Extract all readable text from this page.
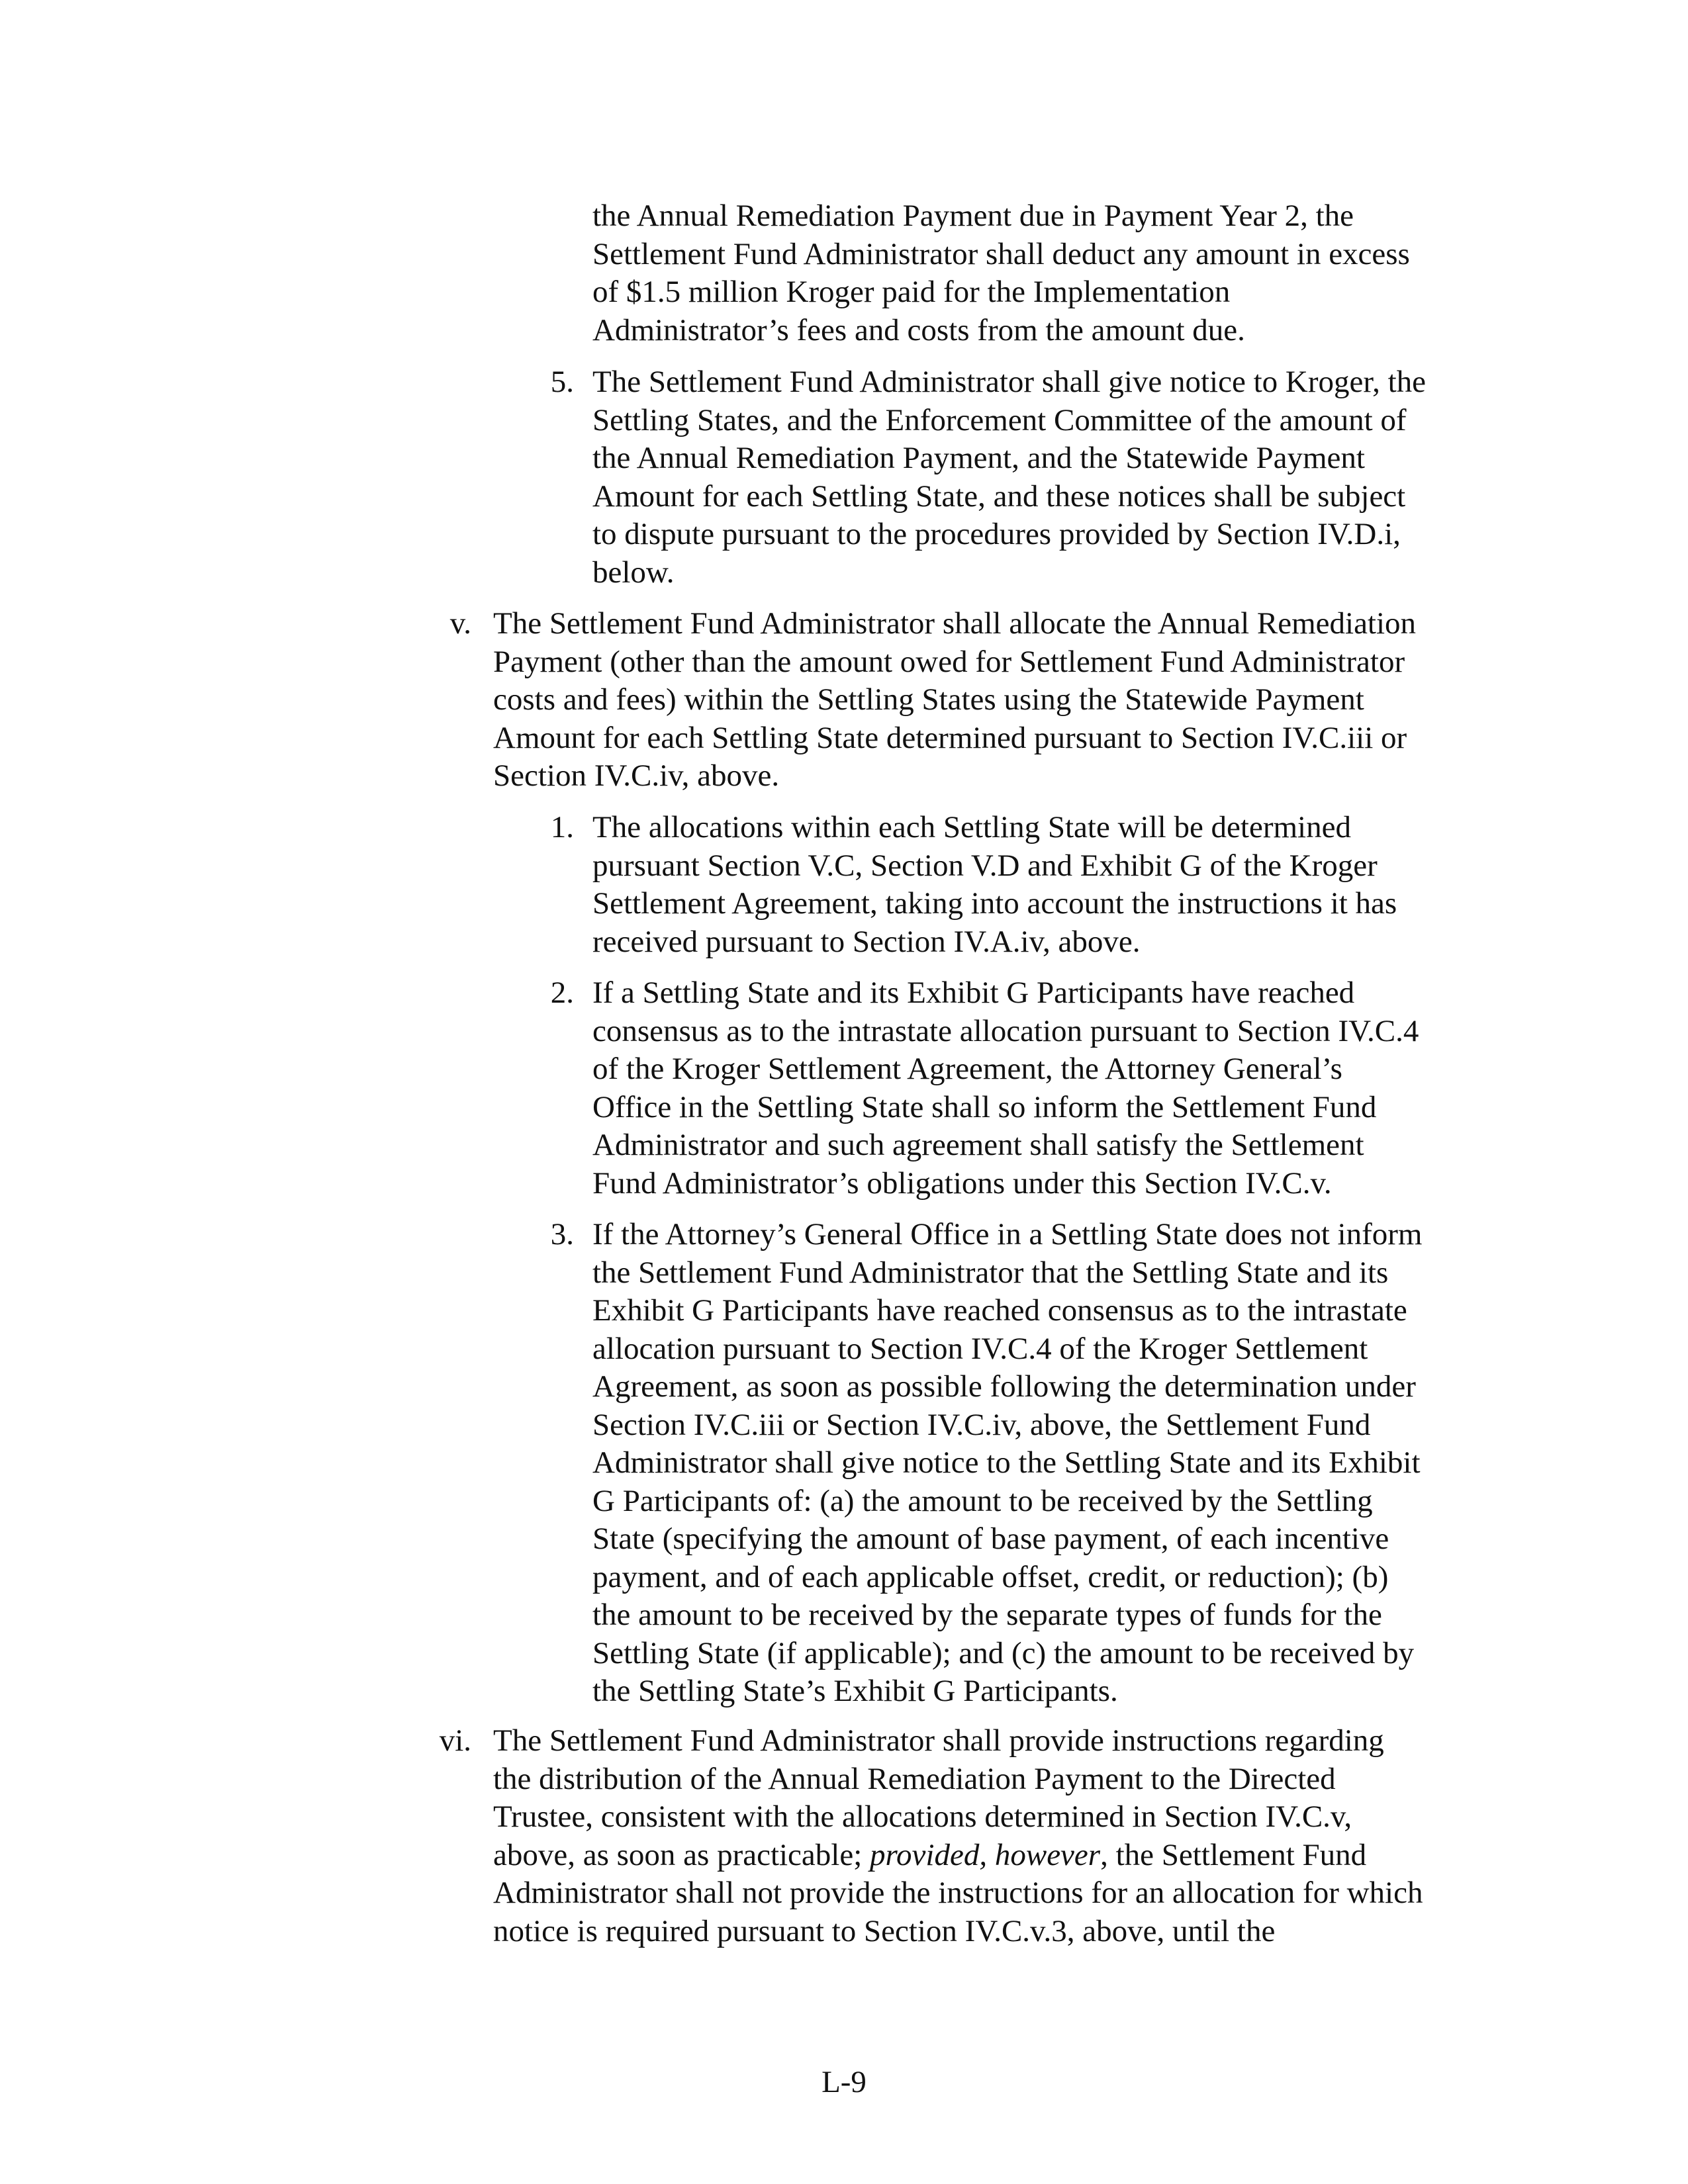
the Annual Remediation Payment due in Payment Year 2, the
Settlement Fund Administrator shall deduct any amount in excess
of $1.5 million Kroger paid for the Implementation
Administrator’s fees and costs from the amount due.
5. The Settlement Fund Administrator shall give notice to Kroger, the
Settling States, and the Enforcement Committee of the amount of
the Annual Remediation Payment, and the Statewide Payment
Amount for each Settling State, and these notices shall be subject
to dispute pursuant to the procedures provided by Section IV.D.i,
below.
v. The Settlement Fund Administrator shall allocate the Annual Remediation
Payment (other than the amount owed for Settlement Fund Administrator
costs and fees) within the Settling States using the Statewide Payment
Amount for each Settling State determined pursuant to Section IV.C.iii or
Section IV.C.iv, above.
1. The allocations within each Settling State will be determined
pursuant Section V.C, Section V.D and Exhibit G of the Kroger
Settlement Agreement, taking into account the instructions it has
received pursuant to Section IV.A.iv, above.
2. If a Settling State and its Exhibit G Participants have reached
consensus as to the intrastate allocation pursuant to Section IV.C.4
of the Kroger Settlement Agreement, the Attorney General’s
Office in the Settling State shall so inform the Settlement Fund
Administrator and such agreement shall satisfy the Settlement
Fund Administrator’s obligations under this Section IV.C.v.
3. If the Attorney’s General Office in a Settling State does not inform
the Settlement Fund Administrator that the Settling State and its
Exhibit G Participants have reached consensus as to the intrastate
allocation pursuant to Section IV.C.4 of the Kroger Settlement
Agreement, as soon as possible following the determination under
Section IV.C.iii or Section IV.C.iv, above, the Settlement Fund
Administrator shall give notice to the Settling State and its Exhibit
G Participants of: (a) the amount to be received by the Settling
State (specifying the amount of base payment, of each incentive
payment, and of each applicable offset, credit, or reduction); (b)
the amount to be received by the separate types of funds for the
Settling State (if applicable); and (c) the amount to be received by
the Settling State’s Exhibit G Participants.
vi. The Settlement Fund Administrator shall provide instructions regarding
the distribution of the Annual Remediation Payment to the Directed
Trustee, consistent with the allocations determined in Section IV.C.v,
above, as soon as practicable; provided, however, the Settlement Fund
Administrator shall not provide the instructions for an allocation for which
notice is required pursuant to Section IV.C.v.3, above, until the
L-9
